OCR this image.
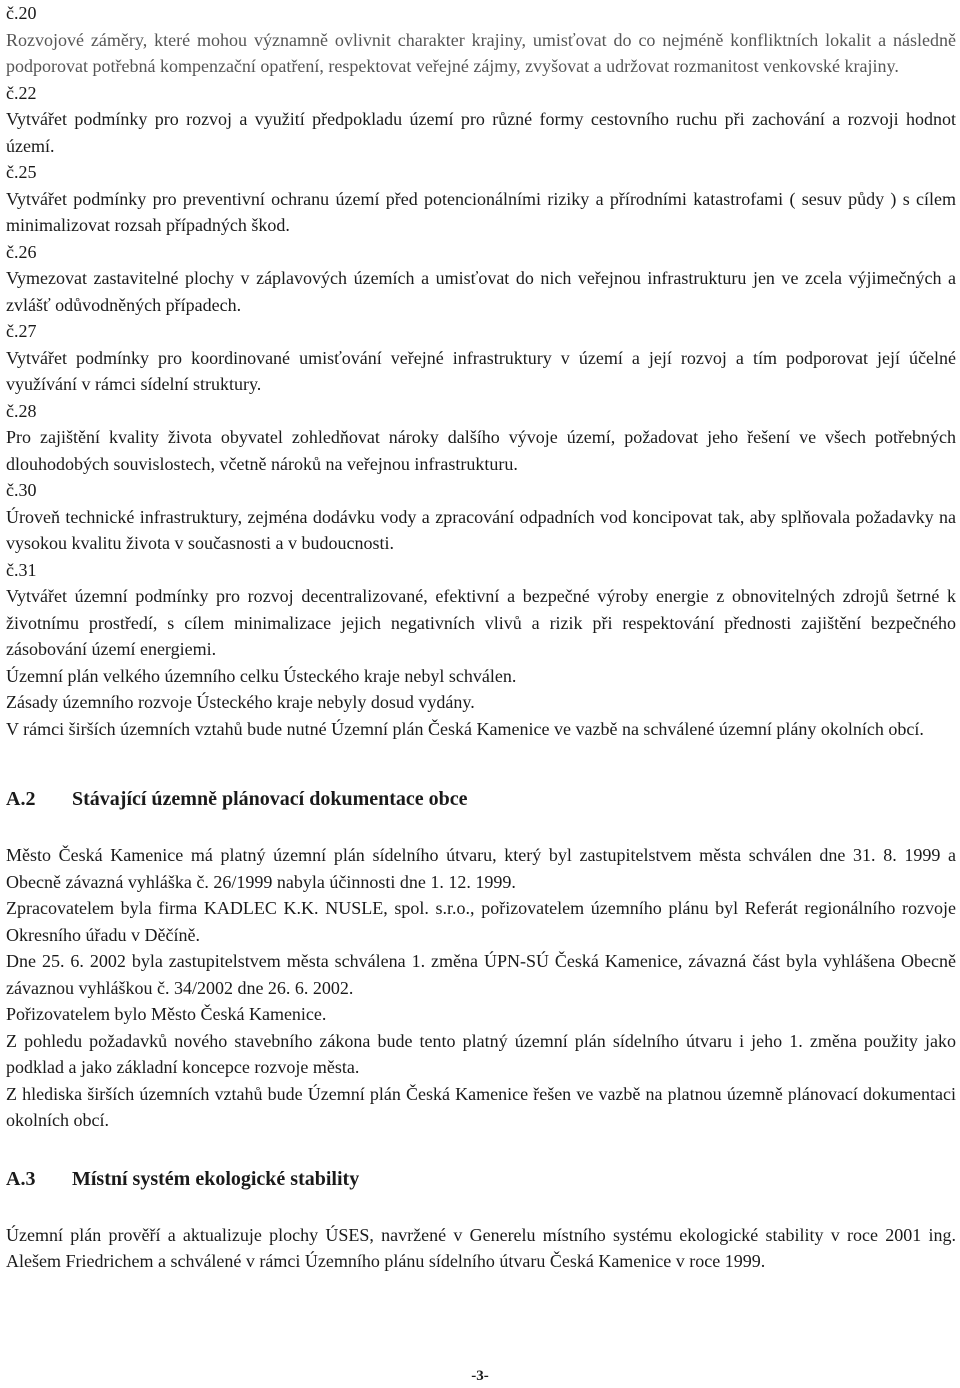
č.20
Rozvojové záměry, které mohou významně ovlivnit charakter krajiny, umisťovat do co nejméně konfliktních lokalit a následně podporovat potřebná kompenzační opatření, respektovat veřejné zájmy, zvyšovat a udržovat rozmanitost venkovské krajiny.
č.22
Vytvářet podmínky pro rozvoj a využití předpokladu území pro různé formy cestovního ruchu při zachování a rozvoji hodnot území.
č.25
Vytvářet podmínky pro preventivní ochranu území před potencionálními riziky a přírodními katastrofami ( sesuv půdy ) s cílem minimalizovat rozsah případných škod.
č.26
Vymezovat zastavitelné plochy v záplavových územích a umisťovat do nich veřejnou infrastrukturu jen ve zcela výjimečných a zvlášť odůvodněných případech.
č.27
Vytvářet podmínky pro koordinované umisťování veřejné infrastruktury v území a její rozvoj a tím podporovat její účelné využívání v rámci sídelní struktury.
č.28
Pro zajištění kvality života obyvatel zohledňovat nároky dalšího vývoje území, požadovat jeho řešení ve všech potřebných dlouhodobých souvislostech, včetně nároků na veřejnou infrastrukturu.
č.30
Úroveň technické infrastruktury, zejména dodávku vody a zpracování odpadních vod koncipovat tak, aby splňovala požadavky na vysokou kvalitu života v současnosti a v budoucnosti.
č.31
Vytvářet územní podmínky pro rozvoj decentralizované, efektivní a bezpečné výroby energie z obnovitelných zdrojů šetrné k životnímu prostředí, s cílem minimalizace jejich negativních vlivů a rizik při respektování přednosti zajištění bezpečného zásobování území energiemi.
Územní plán velkého územního celku Ústeckého kraje nebyl schválen.
Zásady územního rozvoje Ústeckého kraje nebyly dosud vydány.
V rámci širších územních vztahů bude nutné Územní plán Česká Kamenice ve vazbě na schválené územní plány okolních obcí.
A.2 Stávající územně plánovací dokumentace obce
Město Česká Kamenice má platný územní plán sídelního útvaru, který byl zastupitelstvem města schválen dne 31. 8. 1999 a Obecně závazná vyhláška č. 26/1999 nabyla účinnosti dne 1. 12. 1999.
Zpracovatelem byla firma KADLEC K.K. NUSLE, spol. s.r.o., pořizovatelem územního plánu byl Referát regionálního rozvoje Okresního úřadu v Děčíně.
Dne 25. 6. 2002 byla zastupitelstvem města schválena 1. změna ÚPN-SÚ Česká Kamenice, závazná část byla vyhlášena Obecně závaznou vyhláškou č. 34/2002 dne 26. 6. 2002.
Pořizovatelem bylo Město Česká Kamenice.
Z pohledu požadavků nového stavebního zákona bude tento platný územní plán sídelního útvaru i jeho 1. změna použity jako podklad a jako základní koncepce rozvoje města.
Z hlediska širších územních vztahů bude Územní plán Česká Kamenice řešen ve vazbě na platnou územně plánovací dokumentaci okolních obcí.
A.3 Místní systém ekologické stability
Územní plán prověří a aktualizuje plochy ÚSES, navržené v Generelu místního systému ekologické stability v roce 2001 ing. Alešem Friedrichem a schválené v rámci Územního plánu sídelního útvaru Česká Kamenice v roce 1999.
-3-
